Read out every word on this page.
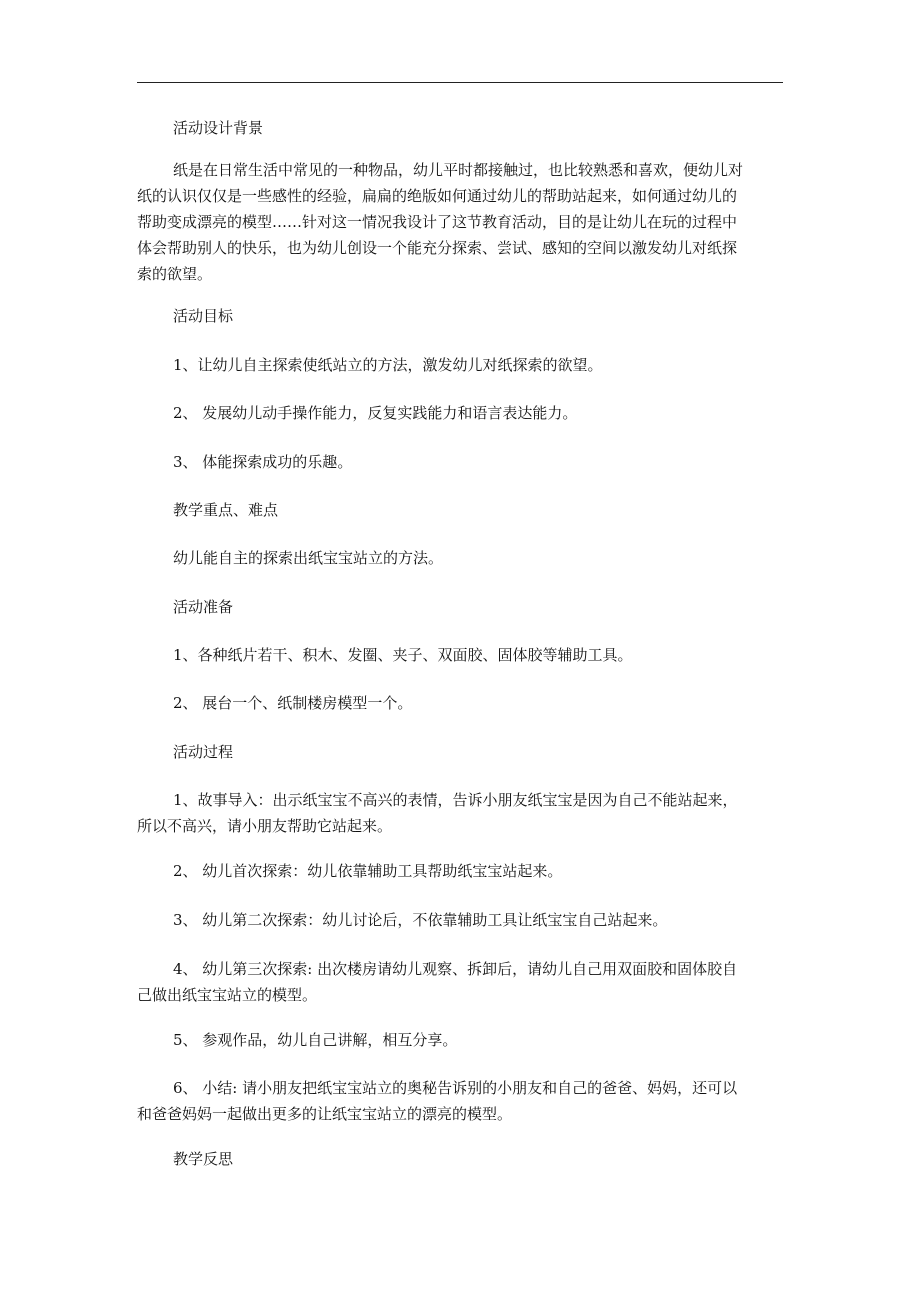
活动设计背景

纸是在日常生活中常见的一种物品，幼儿平时都接触过，也比较熟悉和喜欢，便幼儿对
纸的认识仅仅是一些感性的经验，扁扁的绝版如何通过幼儿的帮助站起来，如何通过幼儿的
帮助变成漂亮的模型……针对这一情况我设计了这节教育活动，目的是让幼儿在玩的过程中
体会帮助别人的快乐，也为幼儿创设一个能充分探索、尝试、感知的空间以激发幼儿对纸探
索的欲望。

活动目标

1、让幼儿自主探索使纸站立的方法，激发幼儿对纸探索的欲望。

2、 发展幼儿动手操作能力，反复实践能力和语言表达能力。

3、 体能探索成功的乐趣。

教学重点、难点

幼儿能自主的探索出纸宝宝站立的方法。

活动准备

1、各种纸片若干、积木、发圈、夹子、双面胶、固体胶等辅助工具。

2、 展台一个、纸制楼房模型一个。

活动过程

1、故事导入：出示纸宝宝不高兴的表情，告诉小朋友纸宝宝是因为自己不能站起来，
所以不高兴，请小朋友帮助它站起来。

2、 幼儿首次探索：幼儿依靠辅助工具帮助纸宝宝站起来。

3、 幼儿第二次探索：幼儿讨论后，不依靠辅助工具让纸宝宝自己站起来。

4、 幼儿第三次探索: 出次楼房请幼儿观察、拆卸后，请幼儿自己用双面胶和固体胶自
己做出纸宝宝站立的模型。

5、 参观作品，幼儿自己讲解，相互分享。

6、 小结: 请小朋友把纸宝宝站立的奥秘告诉别的小朋友和自己的爸爸、妈妈，还可以
和爸爸妈妈一起做出更多的让纸宝宝站立的漂亮的模型。

教学反思
